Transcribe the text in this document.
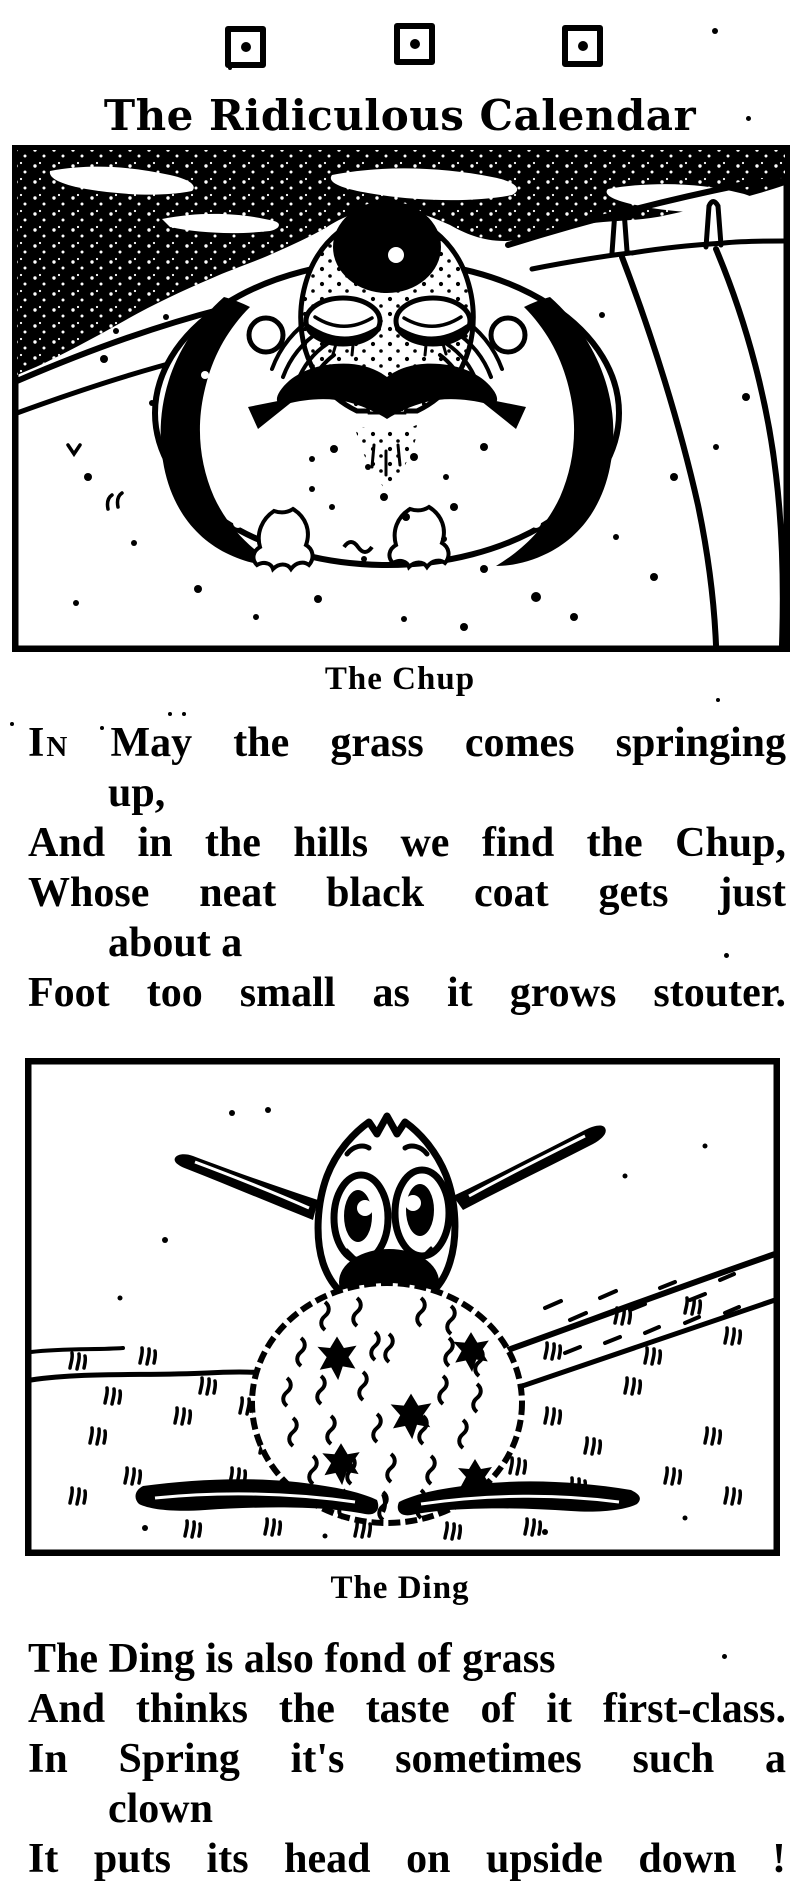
The Ridiculous Calendar
The Chup
In May the grass comes springing
up,
And in the hills we find the Chup,
Whose neat black coat gets just
about a
Foot too small as it grows stouter.
The Ding
The Ding is also fond of grass
And thinks the taste of it first-class.
In Spring it's sometimes such a
clown
It puts its head on upside down !
